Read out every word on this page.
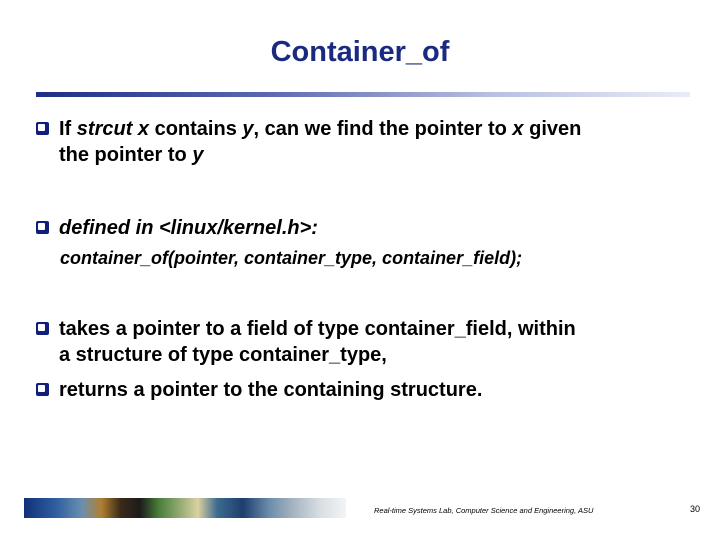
Container_of
If strcut x contains y, can we find the pointer to x given
the pointer to y
defined in <linux/kernel.h>:
container_of(pointer, container_type, container_field);
takes a pointer to a field of type container_field, within
a structure of type container_type,
returns a pointer to the containing structure.
Real-time Systems Lab, Computer Science and Engineering, ASU	30
